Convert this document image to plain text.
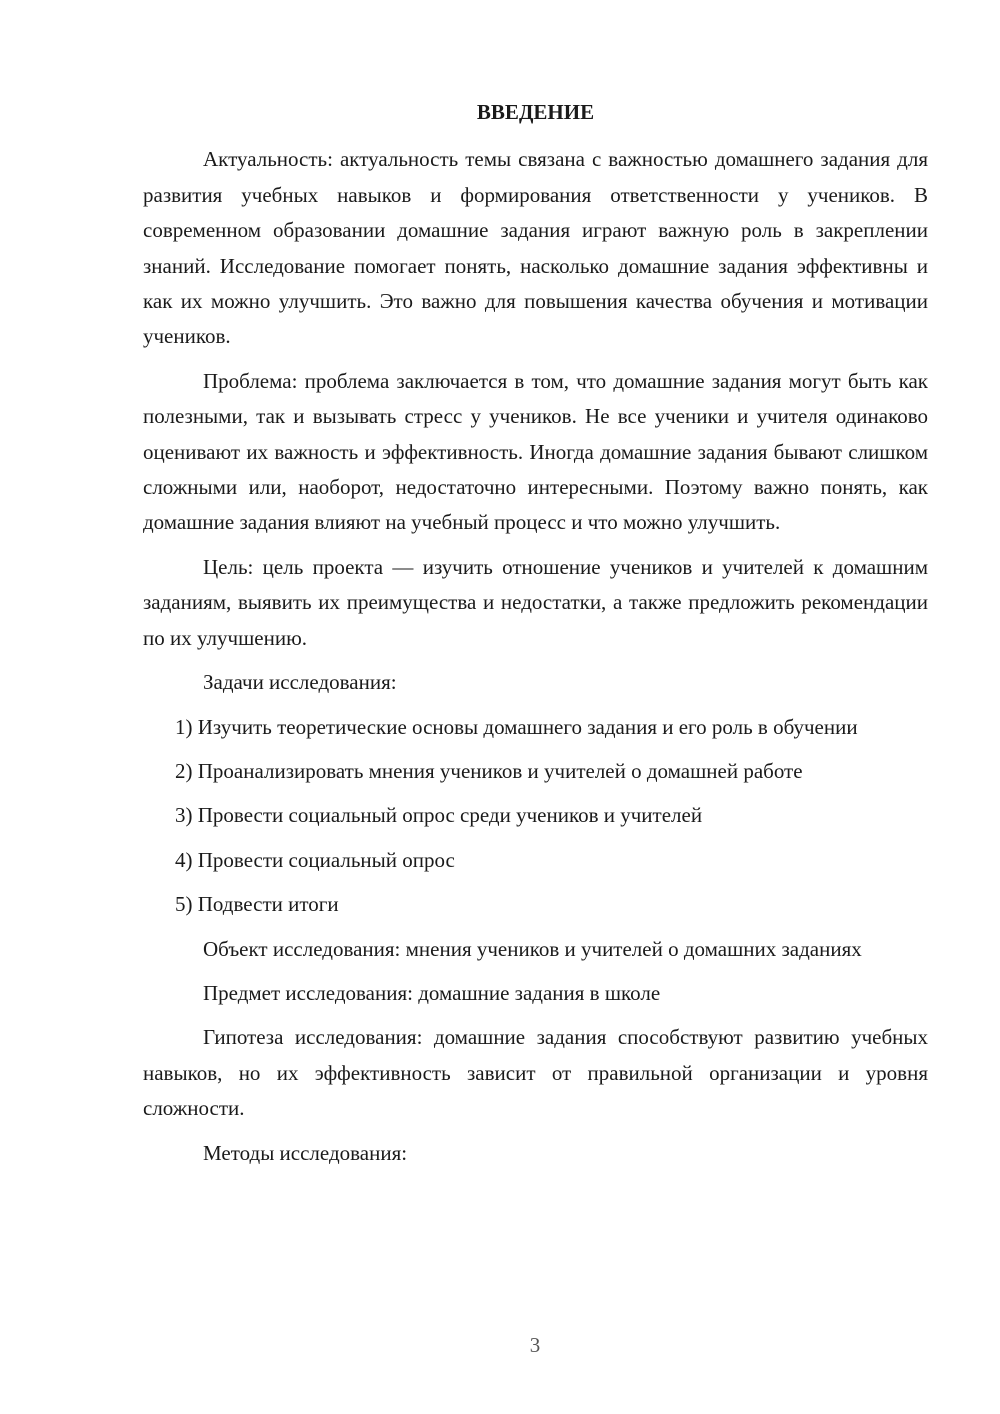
ВВЕДЕНИЕ

Актуальность: актуальность темы связана с важностью домашнего задания для развития учебных навыков и формирования ответственности у учеников. В современном образовании домашние задания играют важную роль в закреплении знаний. Исследование помогает понять, насколько домашние задания эффективны и как их можно улучшить. Это важно для повышения качества обучения и мотивации учеников.

Проблема: проблема заключается в том, что домашние задания могут быть как полезными, так и вызывать стресс у учеников. Не все ученики и учителя одинаково оценивают их важность и эффективность. Иногда домашние задания бывают слишком сложными или, наоборот, недостаточно интересными. Поэтому важно понять, как домашние задания влияют на учебный процесс и что можно улучшить.

Цель: цель проекта — изучить отношение учеников и учителей к домашним заданиям, выявить их преимущества и недостатки, а также предложить рекомендации по их улучшению.

Задачи исследования:

1) Изучить теоретические основы домашнего задания и его роль в обучении

2) Проанализировать мнения учеников и учителей о домашней работе

3) Провести социальный опрос среди учеников и учителей

4) Провести социальный опрос

5) Подвести итоги

Объект исследования: мнения учеников и учителей о домашних заданиях

Предмет исследования: домашние задания в школе

Гипотеза исследования: домашние задания способствуют развитию учебных навыков, но их эффективность зависит от правильной организации и уровня сложности.

Методы исследования:

3
